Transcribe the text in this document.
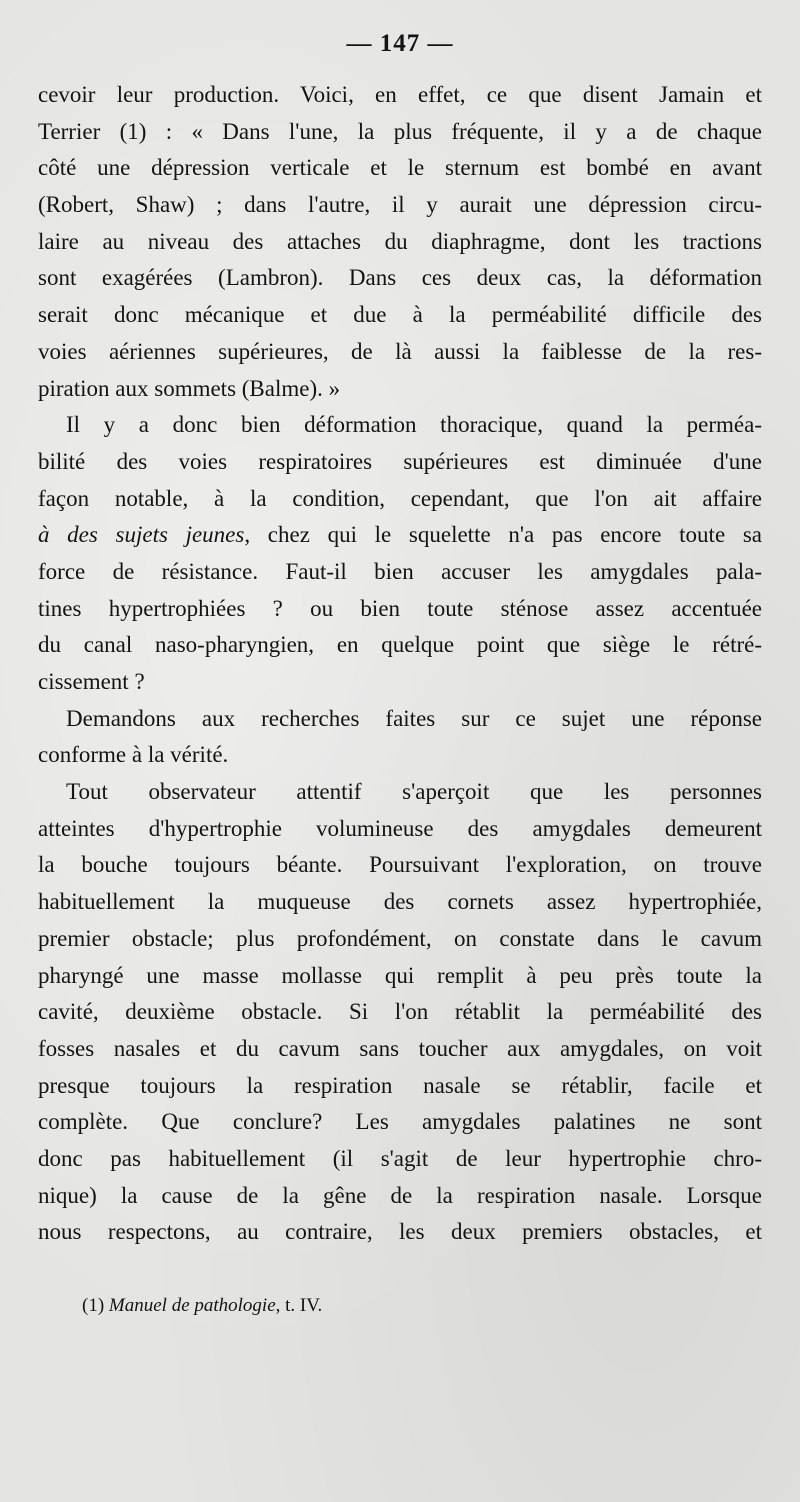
— 147 —
cevoir leur production. Voici, en effet, ce que disent Jamain et
Terrier (1) : « Dans l'une, la plus fréquente, il y a de chaque
côté une dépression verticale et le sternum est bombé en avant
(Robert, Shaw) ; dans l'autre, il y aurait une dépression circu-
laire au niveau des attaches du diaphragme, dont les tractions
sont exagérées (Lambron). Dans ces deux cas, la déformation
serait donc mécanique et due à la perméabilité difficile des
voies aériennes supérieures, de là aussi la faiblesse de la res-
piration aux sommets (Balme). »
Il y a donc bien déformation thoracique, quand la perméa-
bilité des voies respiratoires supérieures est diminuée d'une
façon notable, à la condition, cependant, que l'on ait affaire
à des sujets jeunes, chez qui le squelette n'a pas encore toute sa
force de résistance. Faut-il bien accuser les amygdales pala-
tines hypertrophiées ? ou bien toute sténose assez accentuée
du canal naso-pharyngien, en quelque point que siège le rétré-
cissement ?
Demandons aux recherches faites sur ce sujet une réponse
conforme à la vérité.
Tout observateur attentif s'aperçoit que les personnes
atteintes d'hypertrophie volumineuse des amygdales demeurent
la bouche toujours béante. Poursuivant l'exploration, on trouve
habituellement la muqueuse des cornets assez hypertrophiée,
premier obstacle; plus profondément, on constate dans le cavum
pharyngé une masse mollasse qui remplit à peu près toute la
cavité, deuxième obstacle. Si l'on rétablit la perméabilité des
fosses nasales et du cavum sans toucher aux amygdales, on voit
presque toujours la respiration nasale se rétablir, facile et
complète. Que conclure? Les amygdales palatines ne sont
donc pas habituellement (il s'agit de leur hypertrophie chro-
nique) la cause de la gêne de la respiration nasale. Lorsque
nous respectons, au contraire, les deux premiers obstacles, et
(1) Manuel de pathologie, t. IV.
